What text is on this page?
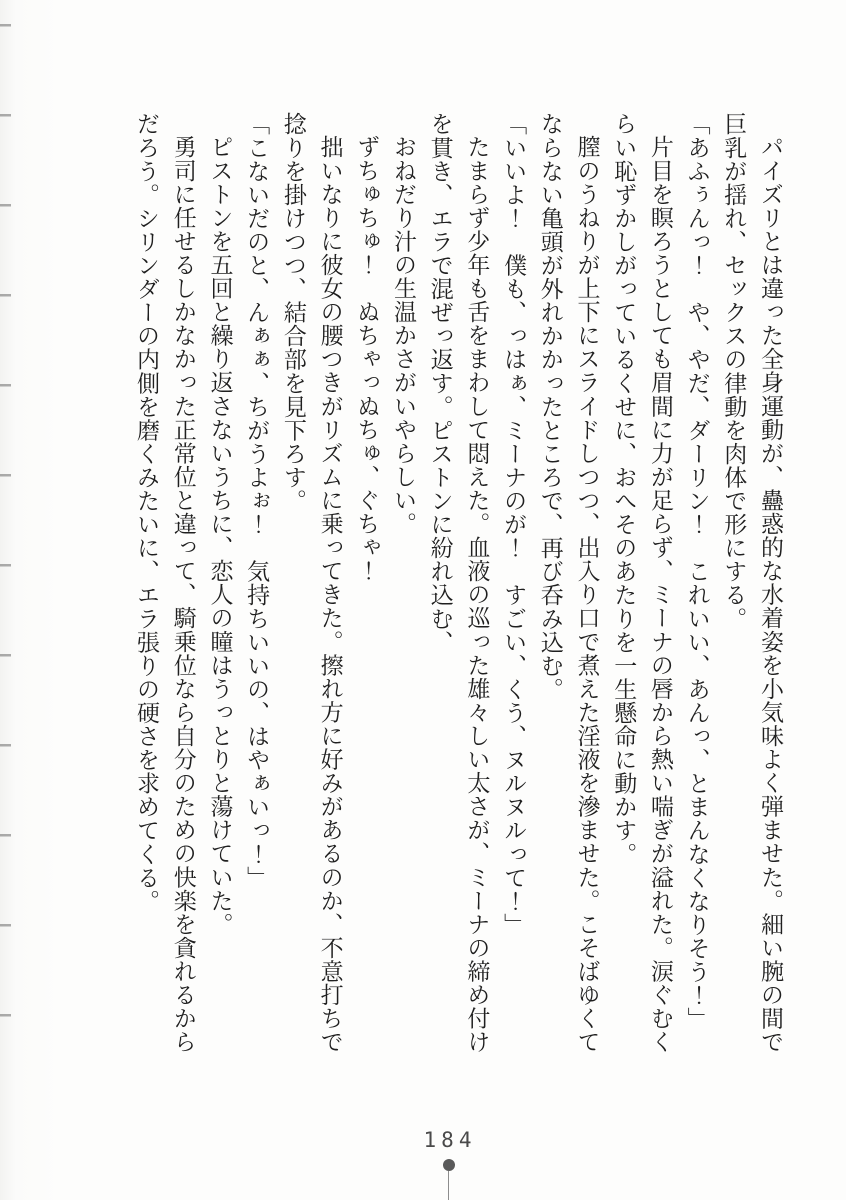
パイズリとは違った全身運動が、蠱惑的な水着姿を小気味よく弾ませた。細い腕の間で
巨乳が揺れ、セックスの律動を肉体で形にする。
「あふぅんっ！　や、やだ、ダーリン！　これいい、あんっ、とまんなくなりそう！」
片目を瞑ろうとしても眉間に力が足らず、ミーナの唇から熱い喘ぎが溢れた。涙ぐむく
らい恥ずかしがっているくせに、おへそのあたりを一生懸命に動かす。
膣のうねりが上下にスライドしつつ、出入り口で煮えた淫液を滲ませた。こそばゆくて
ならない亀頭が外れかかったところで、再び呑み込む。
「いいよ！　僕も、っはぁ、ミーナのが！　すごい、くう、ヌルヌルって！」
たまらず少年も舌をまわして悶えた。血液の巡った雄々しい太さが、ミーナの締め付け
を貫き、エラで混ぜっ返す。ピストンに紛れ込む、
おねだり汁の生温かさがいやらしい。
ずちゅちゅ！　ぬちゃっぬちゅ、ぐちゃ！
拙いなりに彼女の腰つきがリズムに乗ってきた。擦れ方に好みがあるのか、不意打ちで
捻りを掛けつつ、結合部を見下ろす。
「こないだのと、んぁぁ、ちがうよぉ！　気持ちいいの、はやぁいっ！」
ピストンを五回と繰り返さないうちに、恋人の瞳はうっとりと蕩けていた。
勇司に任せるしかなかった正常位と違って、騎乗位なら自分のための快楽を貪れるから
だろう。シリンダーの内側を磨くみたいに、エラ張りの硬さを求めてくる。
184
